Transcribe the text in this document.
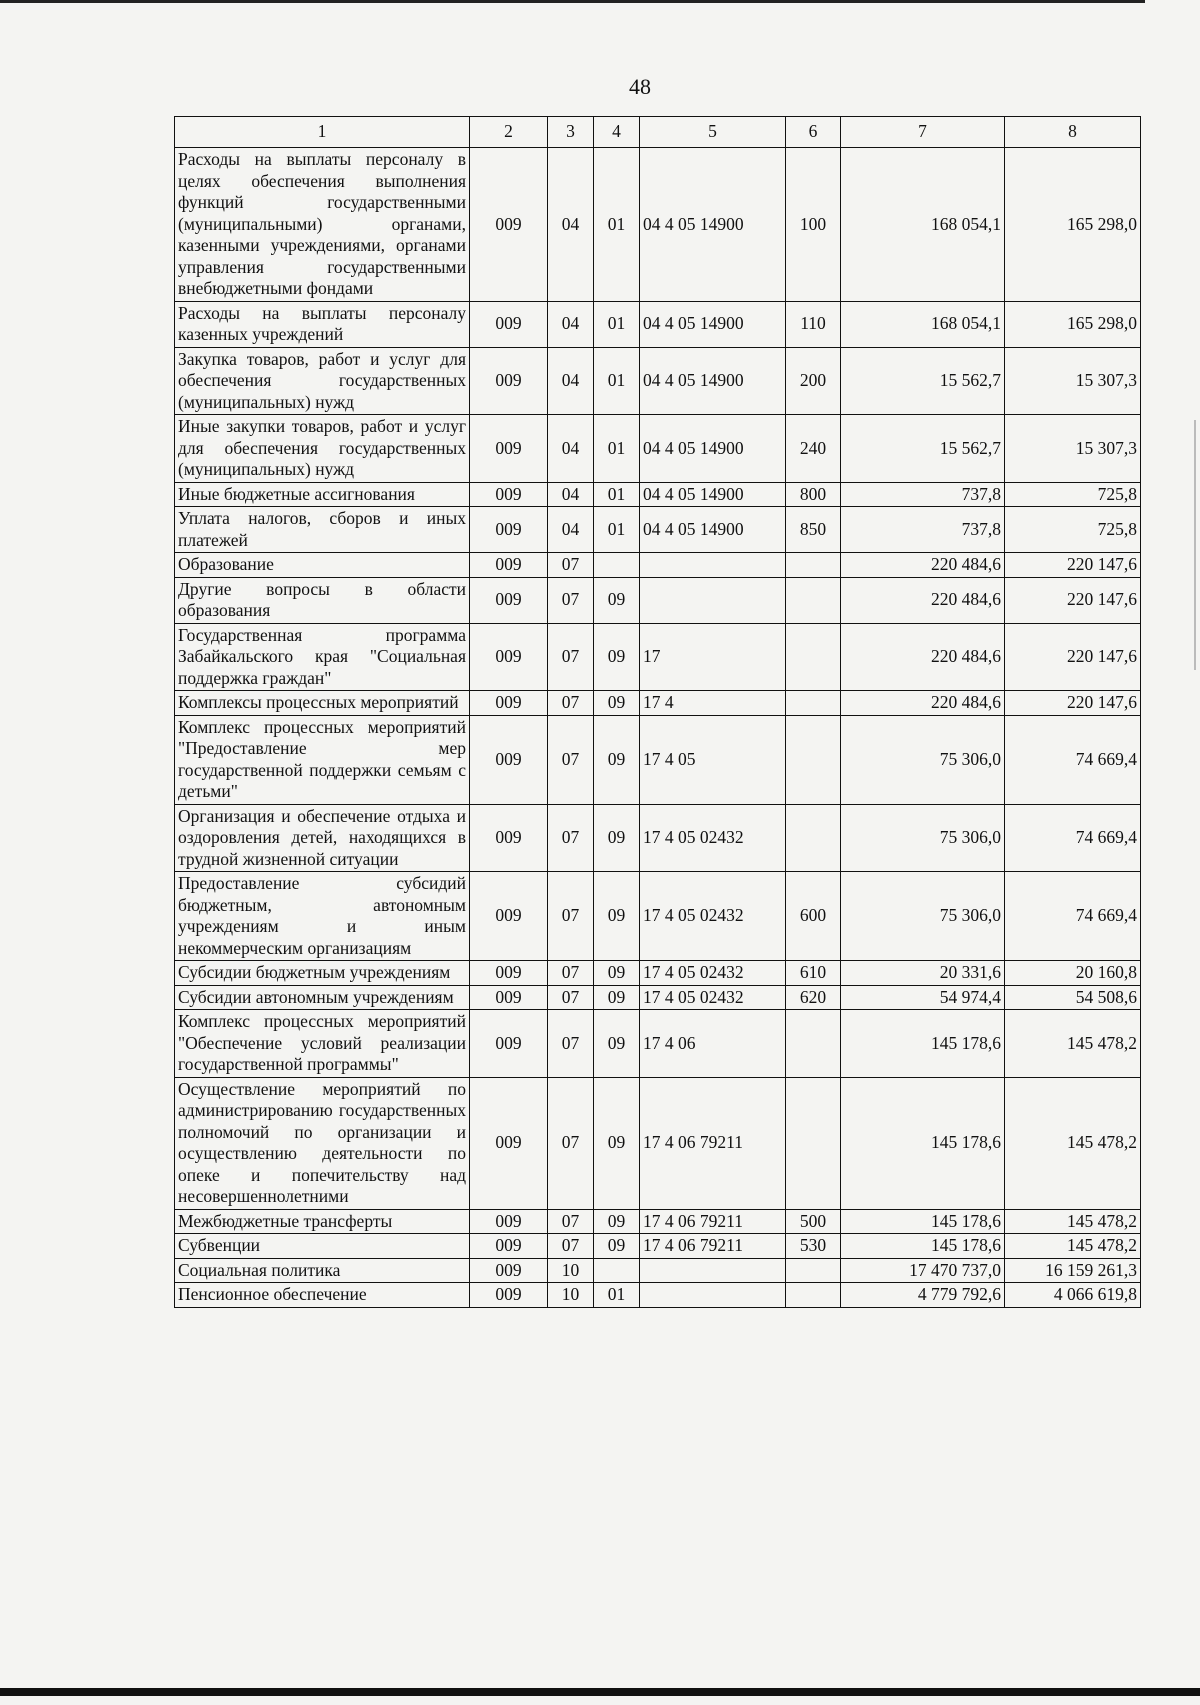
48
1	2	3	4	5	6	7	8
Расходы на выплаты персоналу в целях обеспечения выполнения функций государственными (муниципальными) органами, казенными учреждениями, органами управления государственными внебюджетными фондами	009	04	01	04 4 05 14900	100	168 054,1	165 298,0
Расходы на выплаты персоналу казенных учреждений	009	04	01	04 4 05 14900	110	168 054,1	165 298,0
Закупка товаров, работ и услуг для обеспечения государственных (муниципальных) нужд	009	04	01	04 4 05 14900	200	15 562,7	15 307,3
Иные закупки товаров, работ и услуг для обеспечения государственных (муниципальных) нужд	009	04	01	04 4 05 14900	240	15 562,7	15 307,3
Иные бюджетные ассигнования	009	04	01	04 4 05 14900	800	737,8	725,8
Уплата налогов, сборов и иных платежей	009	04	01	04 4 05 14900	850	737,8	725,8
Образование	009	07				220 484,6	220 147,6
Другие вопросы в области образования	009	07	09			220 484,6	220 147,6
Государственная программа Забайкальского края "Социальная поддержка граждан"	009	07	09	17		220 484,6	220 147,6
Комплексы процессных мероприятий	009	07	09	17 4		220 484,6	220 147,6
Комплекс процессных мероприятий "Предоставление мер государственной поддержки семьям с детьми"	009	07	09	17 4 05		75 306,0	74 669,4
Организация и обеспечение отдыха и оздоровления детей, находящихся в трудной жизненной ситуации	009	07	09	17 4 05 02432		75 306,0	74 669,4
Предоставление субсидий бюджетным, автономным учреждениям и иным некоммерческим организациям	009	07	09	17 4 05 02432	600	75 306,0	74 669,4
Субсидии бюджетным учреждениям	009	07	09	17 4 05 02432	610	20 331,6	20 160,8
Субсидии автономным учреждениям	009	07	09	17 4 05 02432	620	54 974,4	54 508,6
Комплекс процессных мероприятий "Обеспечение условий реализации государственной программы"	009	07	09	17 4 06		145 178,6	145 478,2
Осуществление мероприятий по администрированию государственных полномочий по организации и осуществлению деятельности по опеке и попечительству над несовершеннолетними	009	07	09	17 4 06 79211		145 178,6	145 478,2
Межбюджетные трансферты	009	07	09	17 4 06 79211	500	145 178,6	145 478,2
Субвенции	009	07	09	17 4 06 79211	530	145 178,6	145 478,2
Социальная политика	009	10				17 470 737,0	16 159 261,3
Пенсионное обеспечение	009	10	01			4 779 792,6	4 066 619,8
